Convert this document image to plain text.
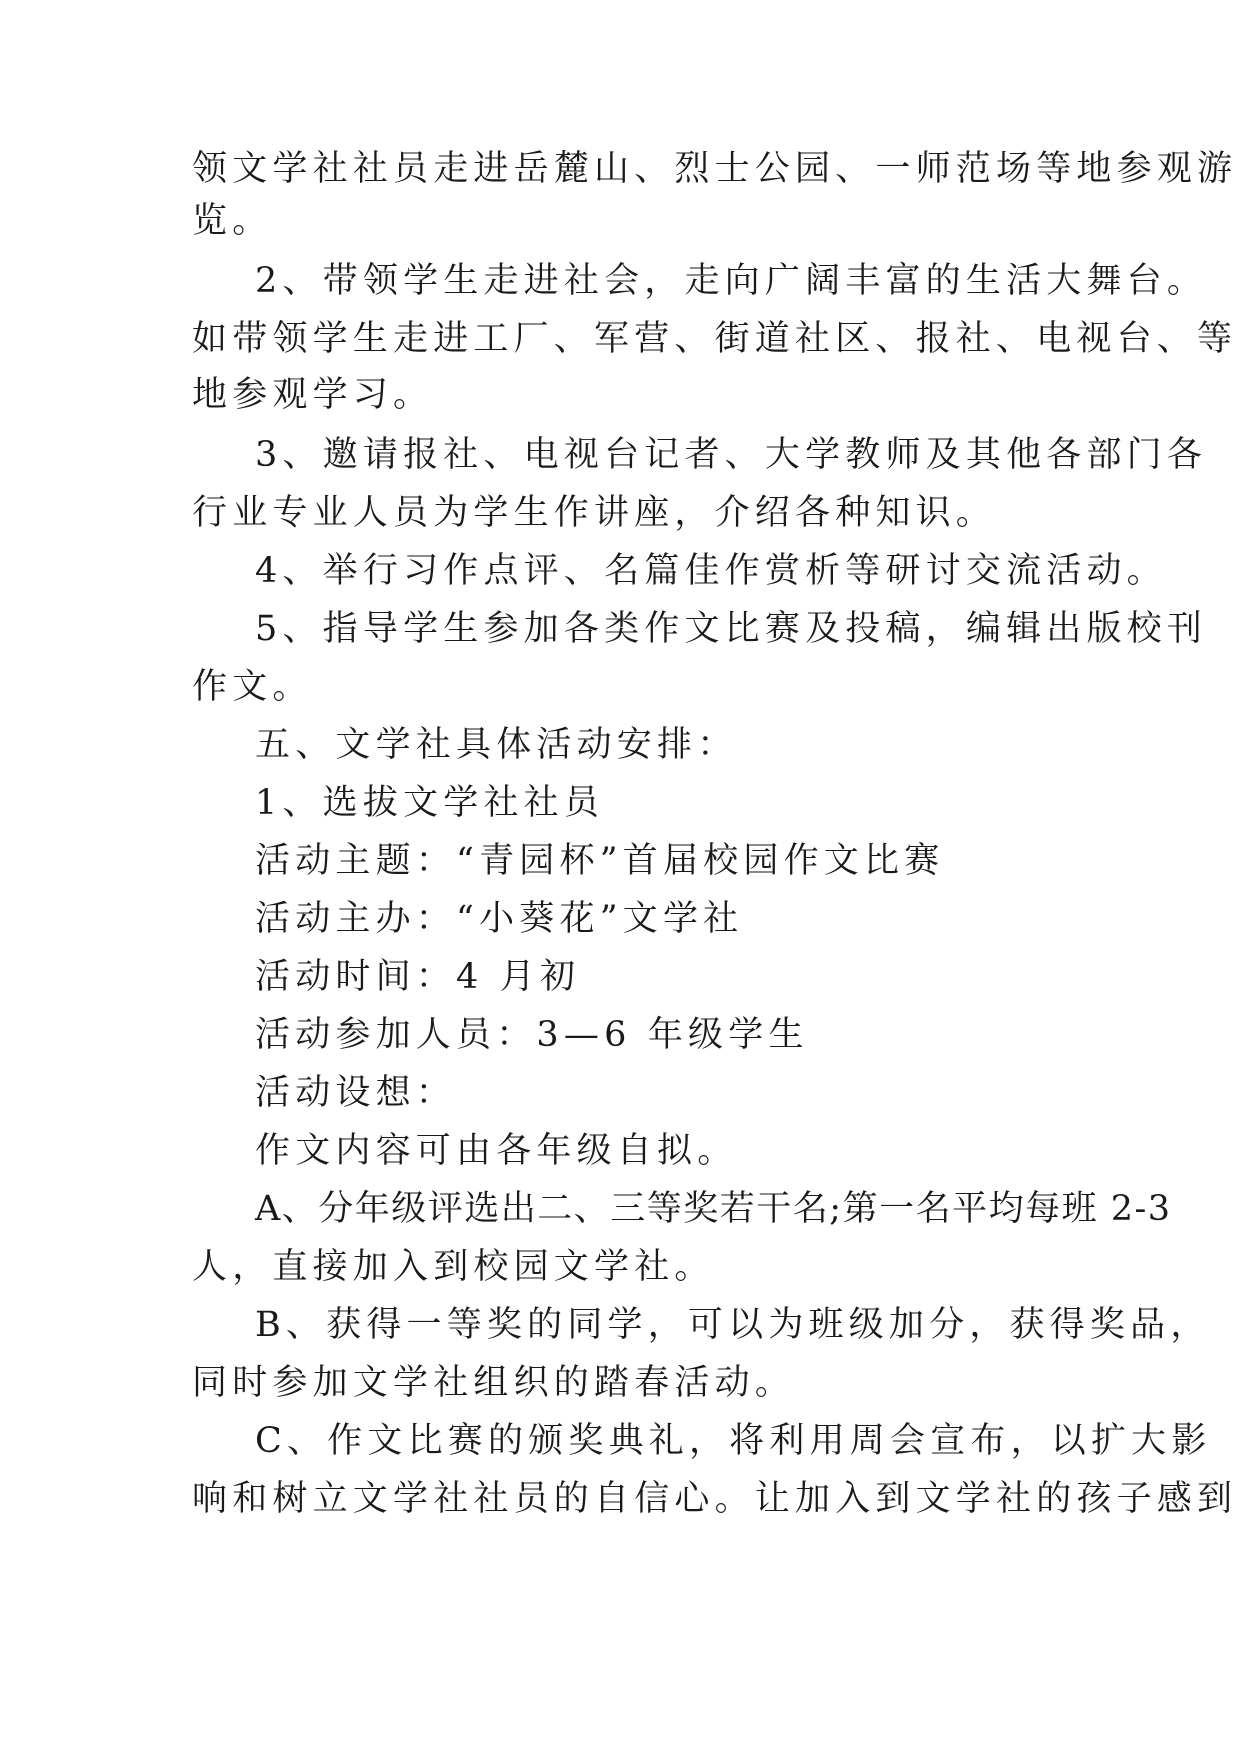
领文学社社员走进岳麓山、烈士公园、一师范场等地参观游
览。
2、带领学生走进社会，走向广阔丰富的生活大舞台。
如带领学生走进工厂、军营、街道社区、报社、电视台、等
地参观学习。
3、邀请报社、电视台记者、大学教师及其他各部门各
行业专业人员为学生作讲座，介绍各种知识。
4、举行习作点评、名篇佳作赏析等研讨交流活动。
5、指导学生参加各类作文比赛及投稿，编辑出版校刊
作文。
五、文学社具体活动安排：
1、选拔文学社社员
活动主题：“青园杯”首届校园作文比赛
活动主办：“小葵花”文学社
活动时间：4 月初
活动参加人员：3—6 年级学生
活动设想：
作文内容可由各年级自拟。
A、分年级评选出二、三等奖若干名;第一名平均每班 2-3
人，直接加入到校园文学社。
B、获得一等奖的同学，可以为班级加分，获得奖品，
同时参加文学社组织的踏春活动。
C、作文比赛的颁奖典礼，将利用周会宣布，以扩大影
响和树立文学社社员的自信心。让加入到文学社的孩子感到
